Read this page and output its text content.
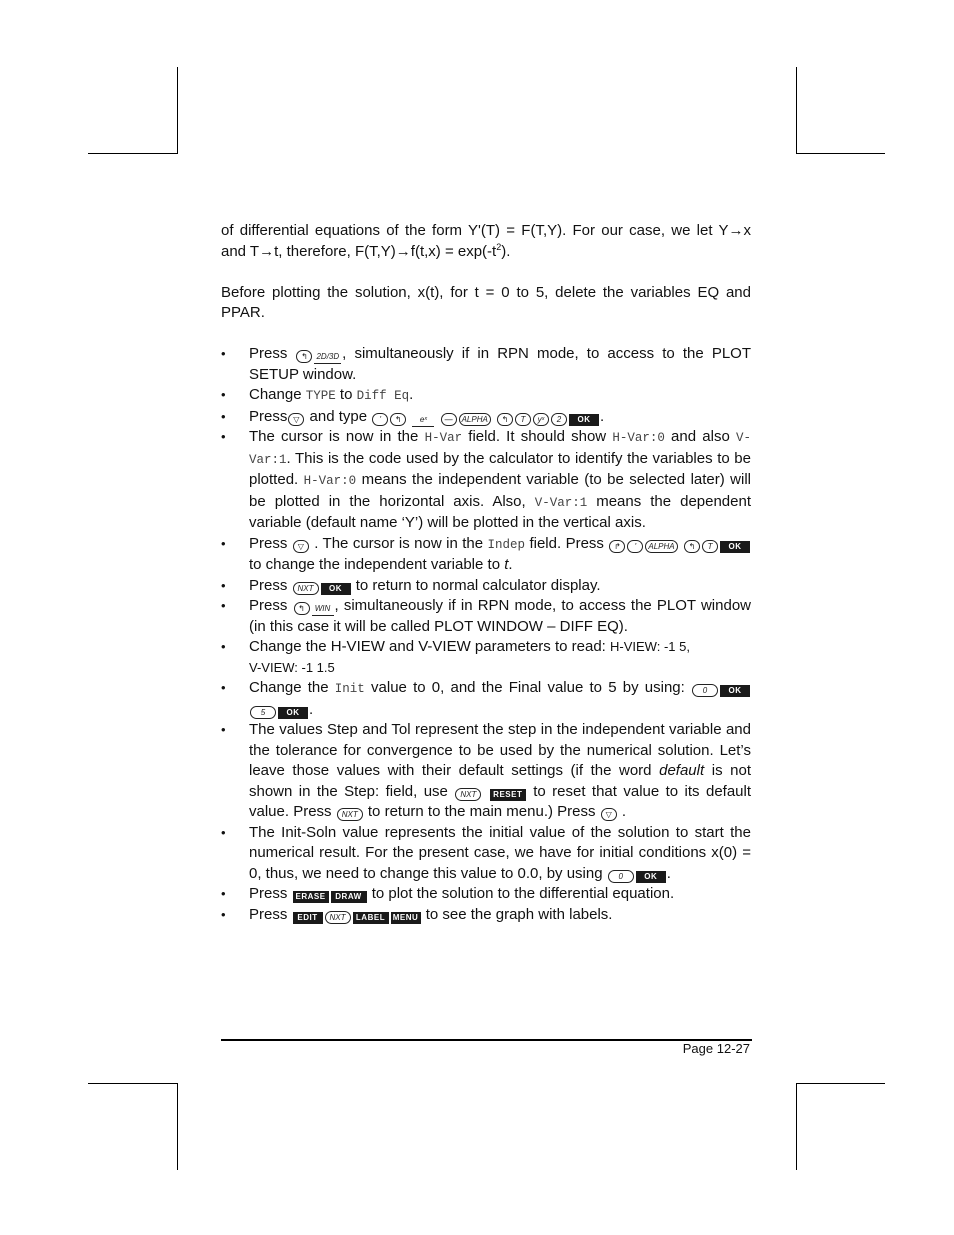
of differential equations of the form Y'(T) = F(T,Y). For our case, we let Y→x and T→t, therefore, $F(T,Y)\to f(t,x) = \exp(-t^2)$.

Before plotting the solution, x(t), for t = 0 to 5, delete the variables EQ and PPAR.

• Press ↰ 2D/3D , simultaneously if in RPN mode, to access to the PLOT SETUP window.
• Change TYPE to Diff Eq.
• Press ▽ and type ' ↰ eˣ — ALPHA ↰ T yˣ 2 OK .
• The cursor is now in the H-Var field. It should show H-Var:0 and also V-Var:1. This is the code used by the calculator to identify the variables to be plotted. H-Var:0 means the independent variable (to be selected later) will be plotted in the horizontal axis. Also, V-Var:1 means the dependent variable (default name ‘Y’) will be plotted in the vertical axis.
• Press ▽ . The cursor is now in the Indep field. Press ↱ ' ALPHA ↰ T OK to change the independent variable to t.
• Press NXT OK to return to normal calculator display.
• Press ↰ WIN , simultaneously if in RPN mode, to access the PLOT window (in this case it will be called PLOT WINDOW – DIFF EQ).
• Change the H-VIEW and V-VIEW parameters to read: H-VIEW: -1 5,
V-VIEW: -1 1.5
• Change the Init value to 0, and the Final value to 5 by using: 0	OK 5	OK .
• The values Step and Tol represent the step in the independent variable and the tolerance for convergence to be used by the numerical solution. Let’s leave those values with their default settings (if the word default is not shown in the Step: field, use NXT RESET to reset that value to its default value. Press NXT to return to the main menu.) Press ▽ .
• The Init-Soln value represents the initial value of the solution to start the numerical result. For the present case, we have for initial conditions x(0) = 0, thus, we need to change this value to 0.0, by using 0	OK .
• Press ERASE DRAW to plot the solution to the differential equation.
• Press EDIT NXT LABEL MENU to see the graph with labels.
Page 12-27
